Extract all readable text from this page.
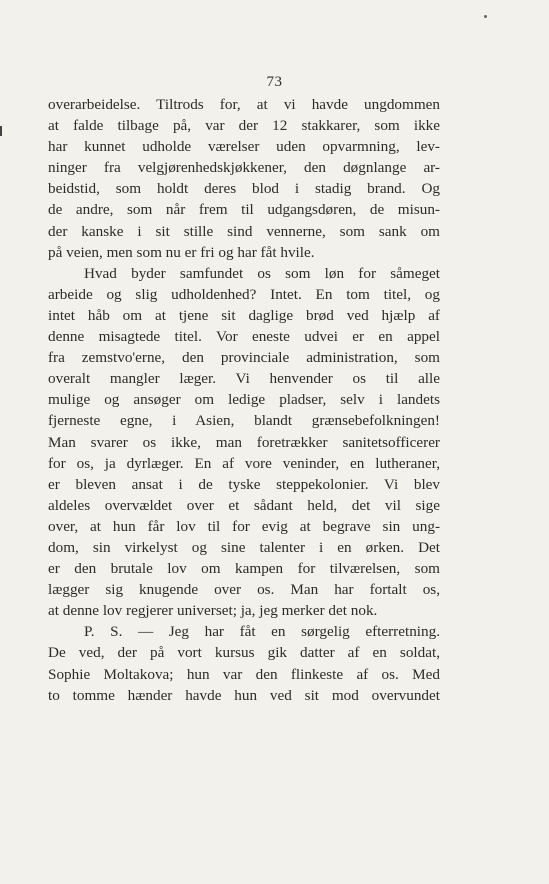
73
overarbeidelse. Tiltrods for, at vi havde ungdommen
at falde tilbage på, var der 12 stakkarer, som ikke
har kunnet udholde værelser uden opvarmning, lev-
ninger fra velgjørenhedskjøkkener, den døgnlange ar-
beidstid, som holdt deres blod i stadig brand. Og
de andre, som når frem til udgangsdøren, de misun-
der kanske i sit stille sind vennerne, som sank om
på veien, men som nu er fri og har fåt hvile.
Hvad byder samfundet os som løn for såmeget
arbeide og slig udholdenhed? Intet. En tom titel, og
intet håb om at tjene sit daglige brød ved hjælp af
denne misagtede titel. Vor eneste udvei er en appel
fra zemstvo'erne, den provinciale administration, som
overalt mangler læger. Vi henvender os til alle
mulige og ansøger om ledige pladser, selv i landets
fjerneste egne, i Asien, blandt grænsebefolkningen!
Man svarer os ikke, man foretrækker sanitetsofficerer
for os, ja dyrlæger. En af vore veninder, en lutheraner,
er bleven ansat i de tyske steppekolonier. Vi blev
aldeles overvældet over et sådant held, det vil sige
over, at hun får lov til for evig at begrave sin ung-
dom, sin virkelyst og sine talenter i en ørken. Det
er den brutale lov om kampen for tilværelsen, som
lægger sig knugende over os. Man har fortalt os,
at denne lov regjerer universet; ja, jeg merker det nok.
P. S. — Jeg har fåt en sørgelig efterretning.
De ved, der på vort kursus gik datter af en soldat,
Sophie Moltakova; hun var den flinkeste af os. Med
to tomme hænder havde hun ved sit mod overvundet
